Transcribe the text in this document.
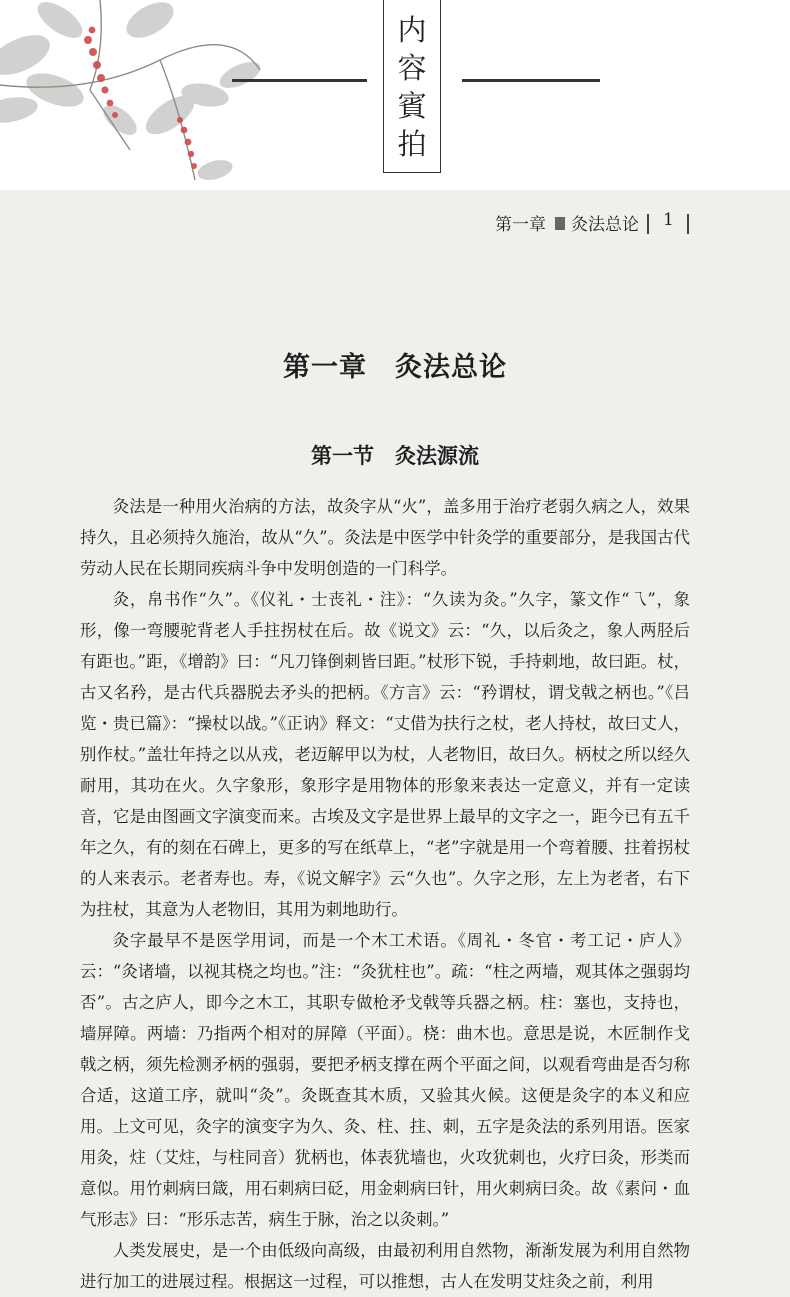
内
容
賓
拍
第一章 灸法总论 1
第一章　灸法总论
第一节　灸法源流

灸法是一种用火治病的方法，故灸字从“火”，盖多用于治疗老弱久病之人，效果持久，且必须持久施治，故从“久”。灸法是中医学中针灸学的重要部分，是我国古代劳动人民在长期同疾病斗争中发明创造的一门科学。

灸，帛书作“久”。《仪礼・士丧礼・注》：“久读为灸。”久字，篆文作“乁”，象形，像一弯腰驼背老人手拄拐杖在后。故《说文》云：“久，以后灸之，象人两胫后有距也。”距，《增韵》曰：“凡刀锋倒刺皆曰距。”杖形下锐，手持刺地，故曰距。杖，古又名矜，是古代兵器脱去矛头的把柄。《方言》云：“矜谓杖，谓戈戟之柄也。”《吕览・贵已篇》：“操杖以战。”《正讷》释文：“丈借为扶行之杖，老人持杖，故曰丈人，别作杖。”盖壮年持之以从戎，老迈解甲以为杖，人老物旧，故曰久。柄杖之所以经久耐用，其功在火。久字象形，象形字是用物体的形象来表达一定意义，并有一定读音，它是由图画文字演变而来。古埃及文字是世界上最早的文字之一，距今已有五千年之久，有的刻在石碑上，更多的写在纸草上，“老”字就是用一个弯着腰、拄着拐杖的人来表示。老者寿也。寿，《说文解字》云“久也”。久字之形，左上为老者，右下为拄杖，其意为人老物旧，其用为刺地助行。

灸字最早不是医学用词，而是一个木工术语。《周礼・冬官・考工记・庐人》云：“灸诸墙，以视其桡之均也。”注：“灸犹柱也”。疏：“柱之两墙，观其体之强弱均否”。古之庐人，即今之木工，其职专做枪矛戈戟等兵器之柄。柱：塞也，支持也，墙屏障。两墙：乃指两个相对的屏障（平面）。桡：曲木也。意思是说，木匠制作戈戟之柄，须先检测矛柄的强弱，要把矛柄支撑在两个平面之间，以观看弯曲是否匀称合适，这道工序，就叫“灸”。灸既查其木质，又验其火候。这便是灸字的本义和应用。上文可见，灸字的演变字为久、灸、柱、拄、刺，五字是灸法的系列用语。医家用灸，炷（艾炷，与柱同音）犹柄也，体表犹墙也，火攻犹刺也，火疗曰灸，形类而意似。用竹刺病曰箴，用石刺病曰砭，用金刺病曰针，用火刺病曰灸。故《素问・血气形志》曰：“形乐志苦，病生于脉，治之以灸刺。”

人类发展史，是一个由低级向高级，由最初利用自然物，渐渐发展为利用自然物进行加工的进展过程。根据这一过程，可以推想，古人在发明艾炷灸之前，利用
